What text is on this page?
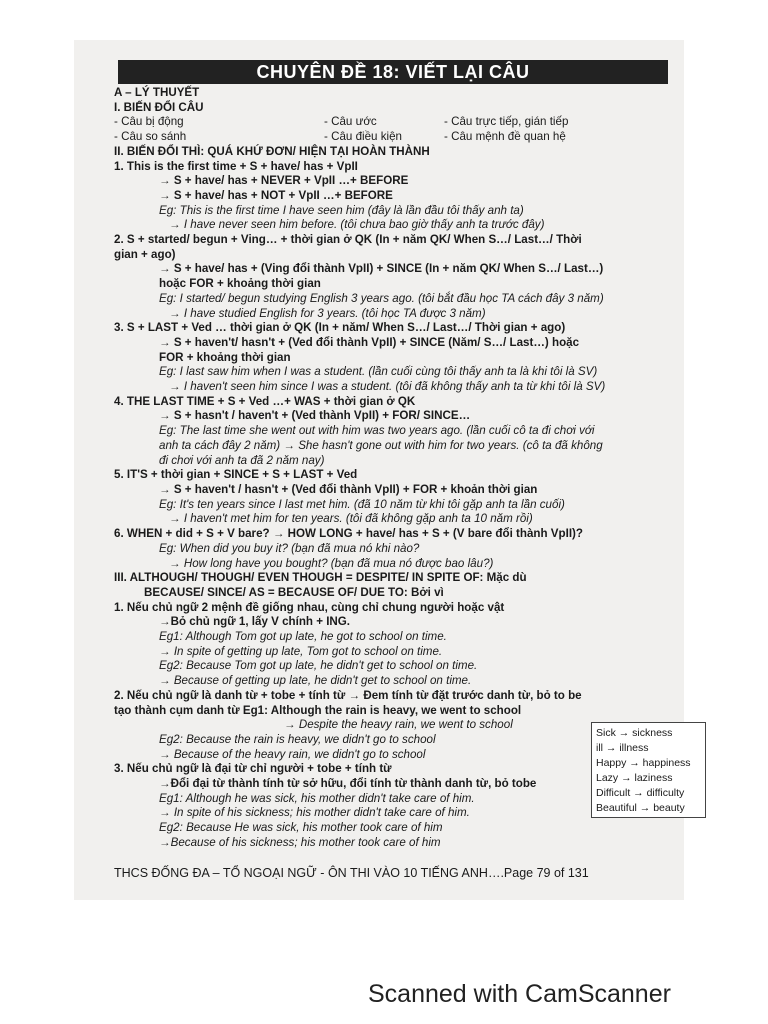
CHUYÊN ĐỀ 18: VIẾT LẠI CÂU
A – LÝ THUYẾT
I. BIẾN ĐỔI CÂU
- Câu bị động	- Câu ước	- Câu trực tiếp, gián tiếp
- Câu so sánh	- Câu điều kiện	- Câu mệnh đề quan hệ
II. BIẾN ĐỔI THÌ: QUÁ KHỨ ĐƠN/ HIỆN TẠI HOÀN THÀNH
1. This is the first time + S + have/ has + VpII
→ S + have/ has + NEVER + VpII …+ BEFORE
→ S + have/ has + NOT + VpII …+ BEFORE
Eg: This is the first time I have seen him (đây là lần đầu tôi thấy anh ta)
→ I have never seen him before. (tôi chưa bao giờ thấy anh ta trước đây)
2. S + started/ begun + Ving… + thời gian ở QK (In + năm QK/ When S…/ Last…/ Thời
gian + ago)
→ S + have/ has + (Ving đổi thành VpII) + SINCE (In + năm QK/ When S…/ Last…)
hoặc FOR + khoảng thời gian
Eg: I started/ begun studying English 3 years ago. (tôi bắt đầu học TA cách đây 3 năm)
→ I have studied English for 3 years. (tôi học TA được 3 năm)
3. S + LAST + Ved … thời gian ở QK (In + năm/ When S…/ Last…/ Thời gian + ago)
→ S + haven't/ hasn't + (Ved đổi thành VpII) + SINCE (Năm/ S…/ Last…) hoặc
FOR + khoảng thời gian
Eg: I last saw him when I was a student. (lần cuối cùng tôi thấy anh ta là khi tôi là SV)
→ I haven't seen him since I was a student. (tôi đã không thấy anh ta từ khi tôi là SV)
4. THE LAST TIME + S + Ved …+ WAS + thời gian ở QK
→ S + hasn't / haven't + (Ved thành VpII) + FOR/ SINCE…
Eg: The last time she went out with him was two years ago. (lần cuối cô ta đi chơi với
anh ta cách đây 2 năm) → She hasn't gone out with him for two years. (cô ta đã không
đi chơi với anh ta đã 2 năm nay)
5. IT'S + thời gian + SINCE + S + LAST + Ved
→ S + haven't / hasn't + (Ved đổi thành VpII) + FOR + khoản thời gian
Eg: It's ten years since I last met him. (đã 10 năm từ khi tôi gặp anh ta lần cuối)
→ I haven't met him for ten years. (tôi đã không gặp anh ta 10 năm rồi)
6. WHEN + did + S + V bare? → HOW LONG + have/ has + S + (V bare đổi thành VpII)?
Eg: When did you buy it? (bạn đã mua nó khi nào?
→ How long have you bought? (bạn đã mua nó được bao lâu?)
III. ALTHOUGH/ THOUGH/ EVEN THOUGH = DESPITE/ IN SPITE OF: Mặc dù
BECAUSE/ SINCE/ AS = BECAUSE OF/ DUE TO: Bởi vì
1. Nếu chủ ngữ 2 mệnh đề giống nhau, cùng chỉ chung người hoặc vật
→Bỏ chủ ngữ 1, lấy V chính + ING.
Eg1: Although Tom got up late, he got to school on time.
→ In spite of getting up late, Tom got to school on time.
Eg2: Because Tom got up late, he didn't get to school on time.
→ Because of getting up late, he didn't get to school on time.
2. Nếu chủ ngữ là danh từ + tobe + tính từ → Đem tính từ đặt trước danh từ, bỏ to be
tạo thành cụm danh từ Eg1: Although the rain is heavy, we went to school
→ Despite the heavy rain, we went to school
Eg2: Because the rain is heavy, we didn't go to school
→ Because of the heavy rain, we didn't go to school
3. Nếu chủ ngữ là đại từ chỉ người + tobe + tính từ
→Đổi đại từ thành tính từ sở hữu, đổi tính từ thành danh từ, bỏ tobe
Eg1: Although he was sick, his mother didn't take care of him.
→ In spite of his sickness; his mother didn't take care of him.
Eg2: Because He was sick, his mother took care of him
→Because of his sickness; his mother took care of him
Sick → sickness
ill → illness
Happy → happiness
Lazy → laziness
Difficult → difficulty
Beautiful → beauty
THCS ĐỐNG ĐA – TỔ NGOẠI NGỮ - ÔN THI VÀO 10 TIẾNG ANH….Page 79 of 131
Scanned with CamScanner
